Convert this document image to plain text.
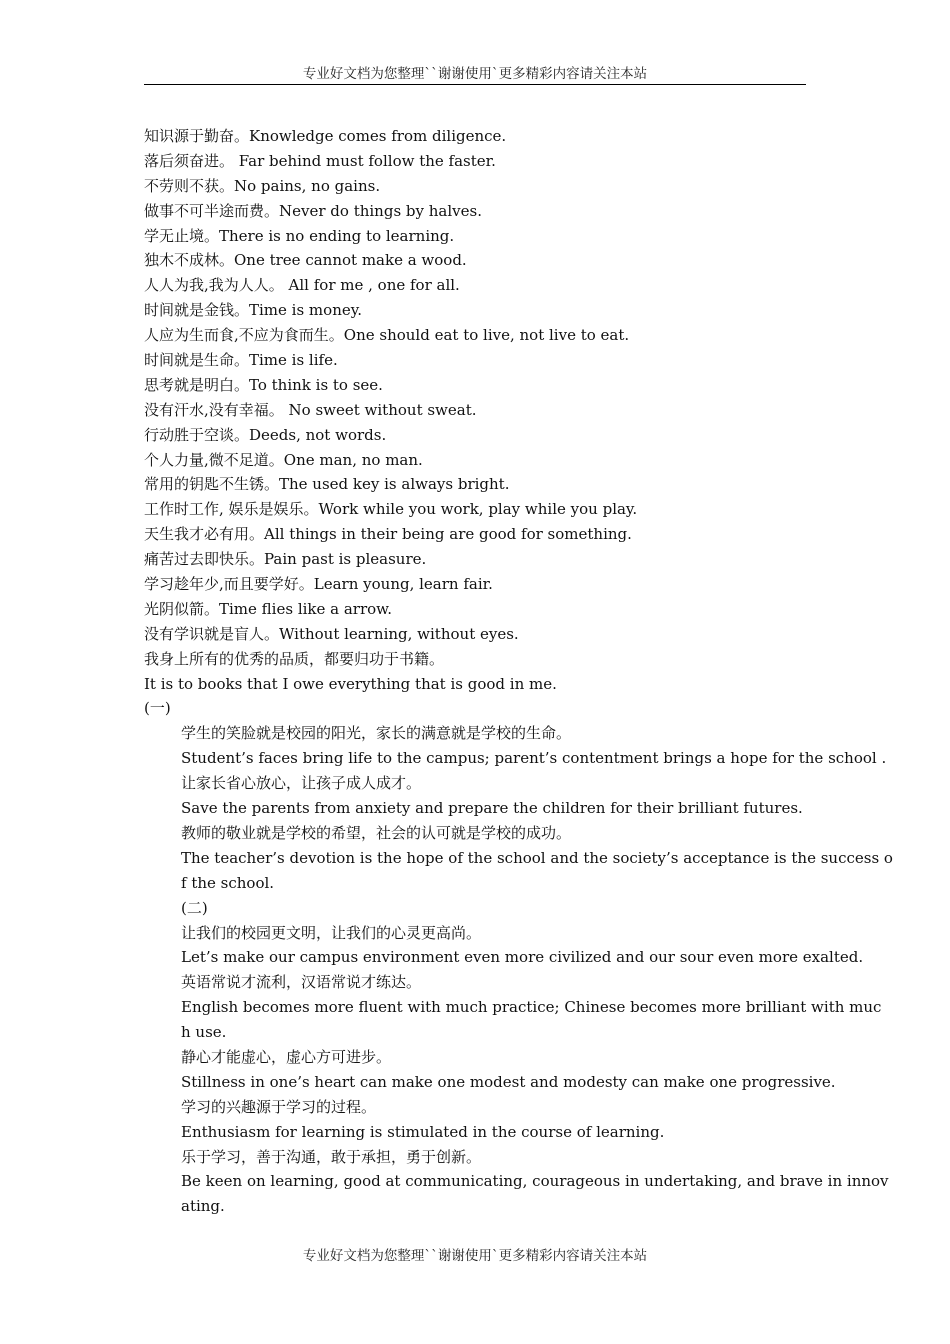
专业好文档为您整理``谢谢使用`更多精彩内容请关注本站
知识源于勤奋。Knowledge comes from diligence.
落后须奋进。 Far behind must follow the faster.
不劳则不获。No pains, no gains.
做事不可半途而费。Never do things by halves.
学无止境。There is no ending to learning.
独木不成林。One tree cannot make a wood.
人人为我,我为人人。 All for me , one for all.
时间就是金钱。Time is money.
人应为生而食,不应为食而生。One should eat to live, not live to eat.
时间就是生命。Time is life.
思考就是明白。To think is to see.
没有汗水,没有幸福。 No sweet without sweat.
行动胜于空谈。Deeds, not words.
个人力量,微不足道。One man, no man.
常用的钥匙不生锈。The used key is always bright.
工作时工作, 娱乐是娱乐。Work while you work, play while you play.
天生我才必有用。All things in their being are good for something.
痛苦过去即快乐。Pain past is pleasure.
学习趁年少,而且要学好。Learn young, learn fair.
光阴似箭。Time flies like a arrow.
没有学识就是盲人。Without learning, without eyes.
我身上所有的优秀的品质，都要归功于书籍。
It is to books that I owe everything that is good in me.
(一)
学生的笑脸就是校园的阳光，家长的满意就是学校的生命。
Student’s faces bring life to the campus; parent’s contentment brings a hope for the school .
让家长省心放心，让孩子成人成才。
Save the parents from anxiety and prepare the children for their brilliant futures.
教师的敬业就是学校的希望，社会的认可就是学校的成功。
The teacher’s devotion is the hope of the school and the society’s acceptance is the success o
f the school.
(二)
让我们的校园更文明，让我们的心灵更高尚。
Let’s make our campus environment even more civilized and our sour even more exalted.
英语常说才流利，汉语常说才练达。
English becomes more fluent with much practice; Chinese becomes more brilliant with muc
h use.
静心才能虚心，虚心方可进步。
Stillness in one’s heart can make one modest and modesty can make one progressive.
学习的兴趣源于学习的过程。
Enthusiasm for learning is stimulated in the course of learning.
乐于学习，善于沟通，敢于承担，勇于创新。
Be keen on learning, good at communicating, courageous in undertaking, and brave in innov
ating.
专业好文档为您整理``谢谢使用`更多精彩内容请关注本站
